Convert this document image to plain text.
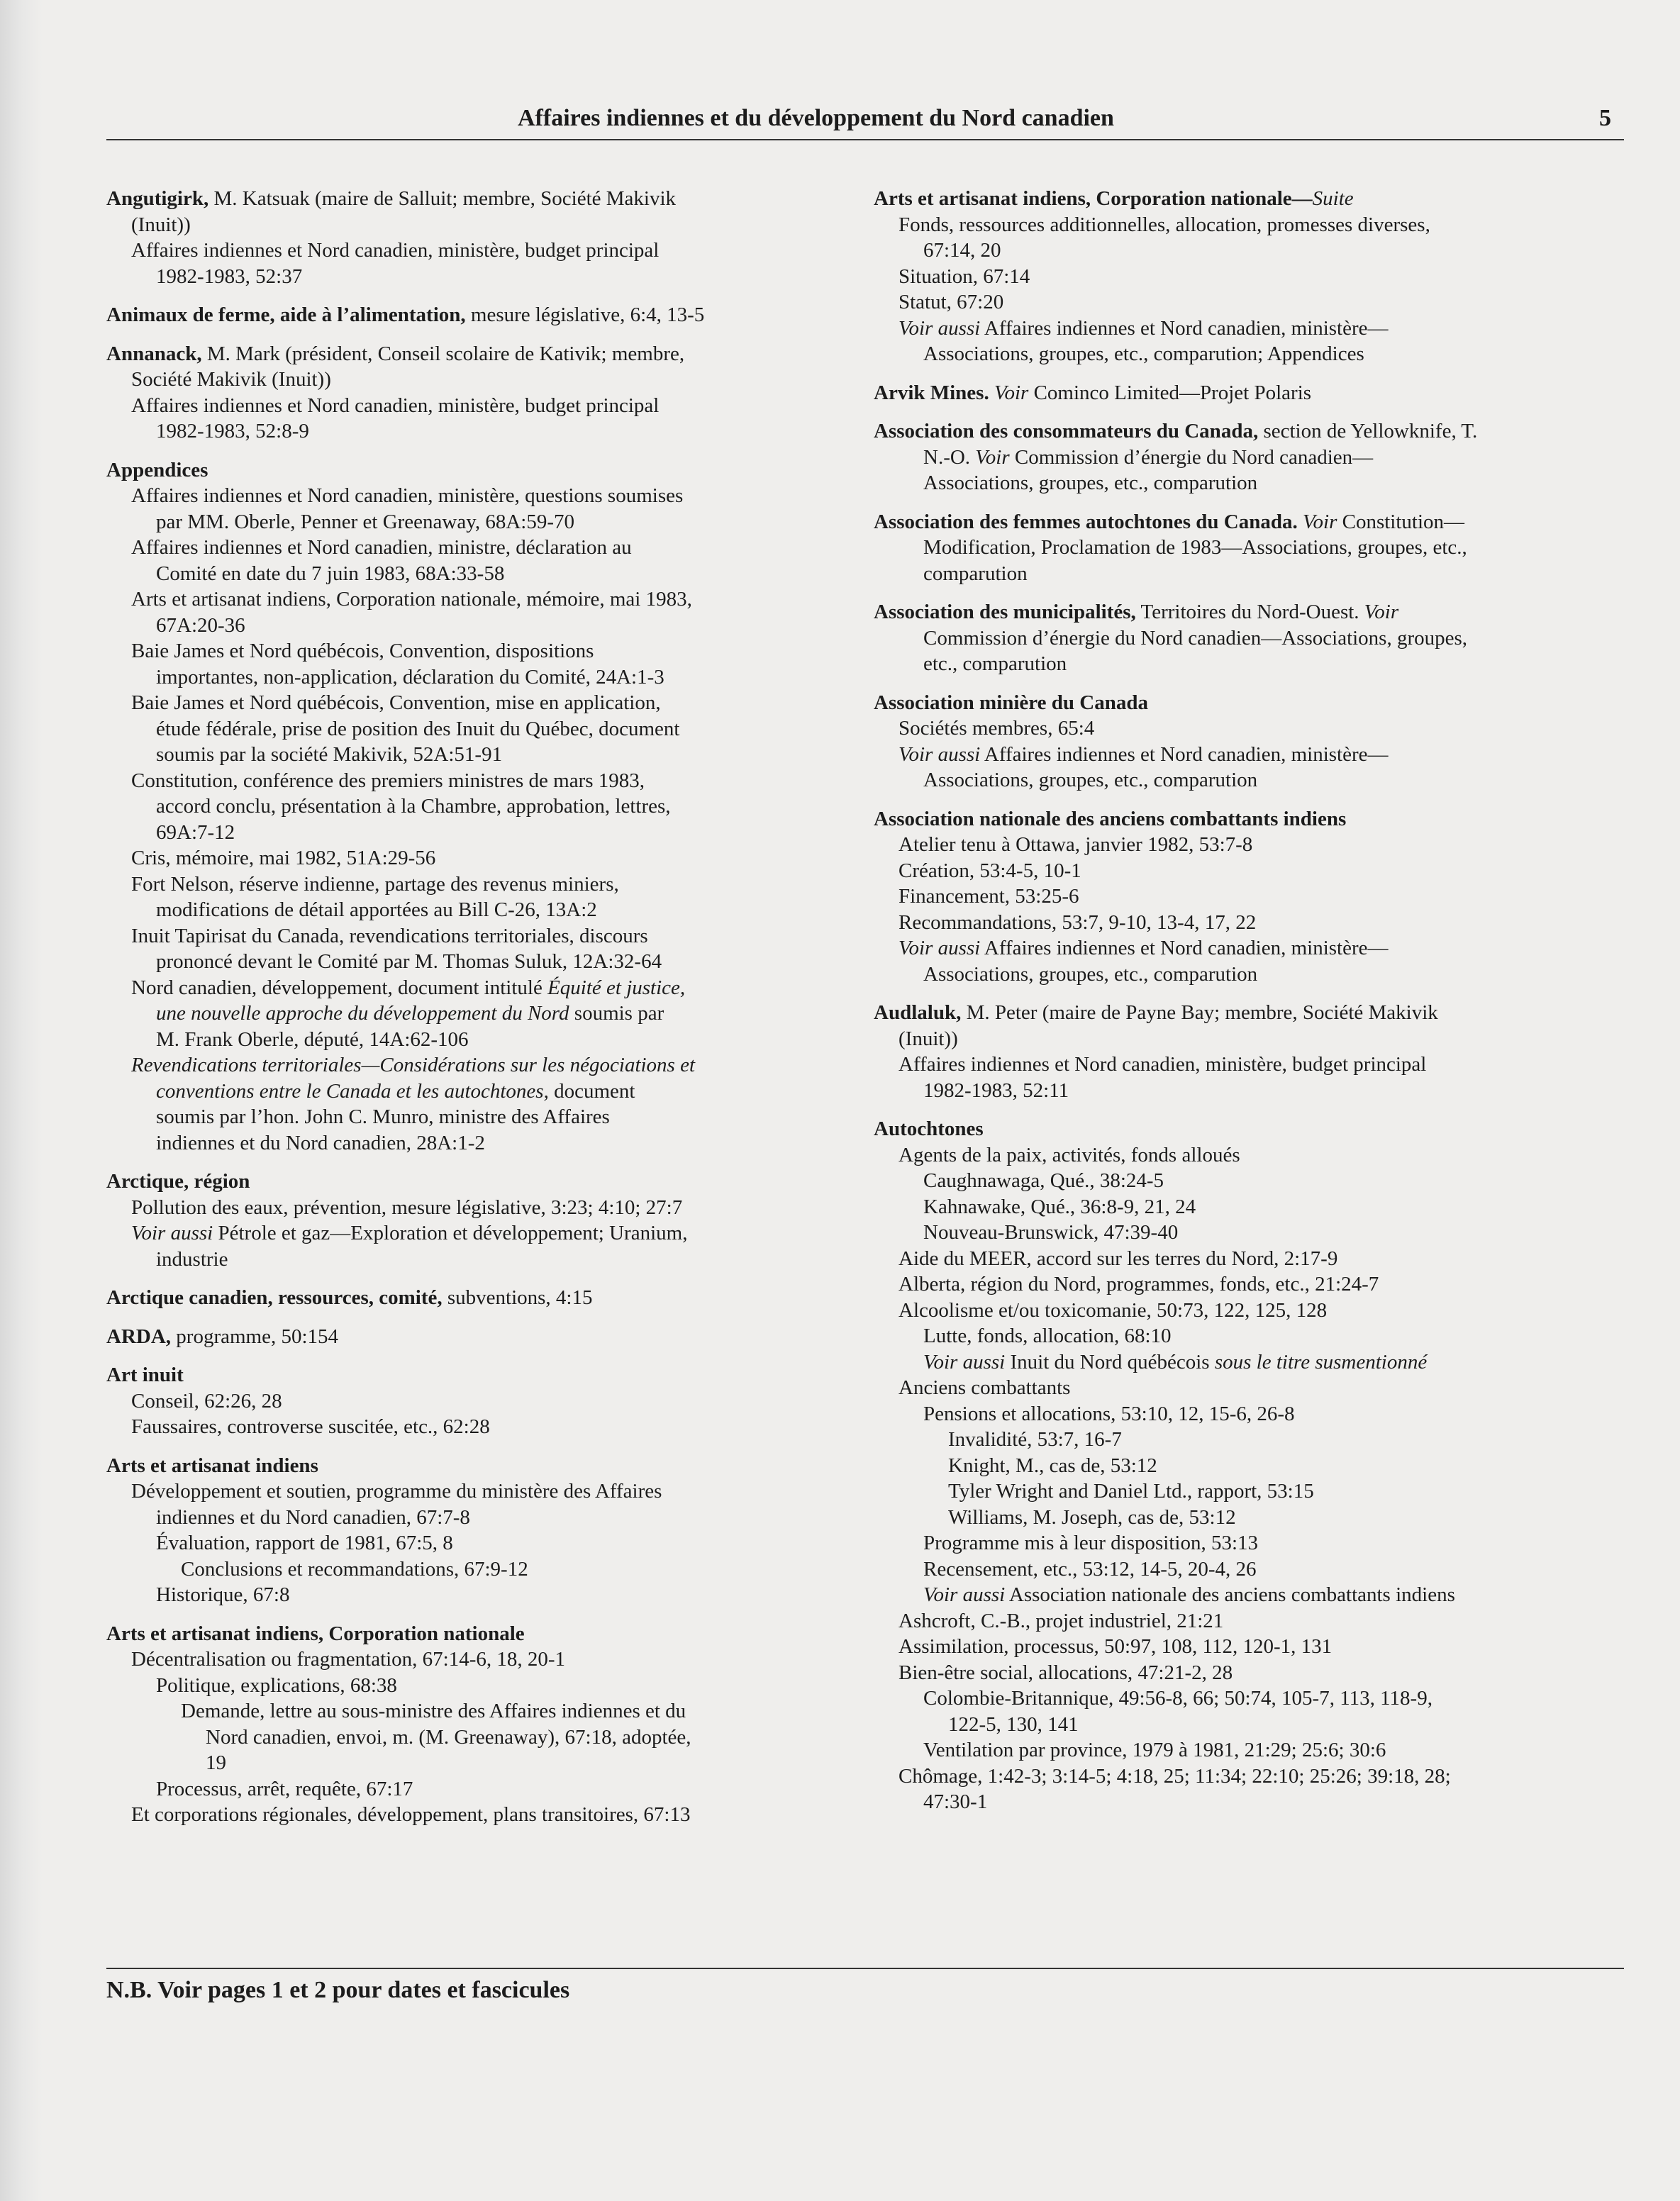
Affaires indiennes et du développement du Nord canadien	5
Angutigirk, M. Katsuak (maire de Salluit; membre, Société Makivik
(Inuit))
Affaires indiennes et Nord canadien, ministère, budget principal
1982-1983, 52:37
Animaux de ferme, aide à l’alimentation, mesure législative, 6:4, 13-5
Annanack, M. Mark (président, Conseil scolaire de Kativik; membre,
Société Makivik (Inuit))
Affaires indiennes et Nord canadien, ministère, budget principal
1982-1983, 52:8-9
Appendices
Affaires indiennes et Nord canadien, ministère, questions soumises
par MM. Oberle, Penner et Greenaway, 68A:59-70
Affaires indiennes et Nord canadien, ministre, déclaration au
Comité en date du 7 juin 1983, 68A:33-58
Arts et artisanat indiens, Corporation nationale, mémoire, mai 1983,
67A:20-36
Baie James et Nord québécois, Convention, dispositions
importantes, non-application, déclaration du Comité, 24A:1-3
Baie James et Nord québécois, Convention, mise en application,
étude fédérale, prise de position des Inuit du Québec, document
soumis par la société Makivik, 52A:51-91
Constitution, conférence des premiers ministres de mars 1983,
accord conclu, présentation à la Chambre, approbation, lettres,
69A:7-12
Cris, mémoire, mai 1982, 51A:29-56
Fort Nelson, réserve indienne, partage des revenus miniers,
modifications de détail apportées au Bill C-26, 13A:2
Inuit Tapirisat du Canada, revendications territoriales, discours
prononcé devant le Comité par M. Thomas Suluk, 12A:32-64
Nord canadien, développement, document intitulé Équité et justice,
une nouvelle approche du développement du Nord soumis par
M. Frank Oberle, député, 14A:62-106
Revendications territoriales—Considérations sur les négociations et
conventions entre le Canada et les autochtones, document
soumis par l’hon. John C. Munro, ministre des Affaires
indiennes et du Nord canadien, 28A:1-2
Arctique, région
Pollution des eaux, prévention, mesure législative, 3:23; 4:10; 27:7
Voir aussi Pétrole et gaz—Exploration et développement; Uranium,
industrie
Arctique canadien, ressources, comité, subventions, 4:15
ARDA, programme, 50:154
Art inuit
Conseil, 62:26, 28
Faussaires, controverse suscitée, etc., 62:28
Arts et artisanat indiens
Développement et soutien, programme du ministère des Affaires
indiennes et du Nord canadien, 67:7-8
Évaluation, rapport de 1981, 67:5, 8
Conclusions et recommandations, 67:9-12
Historique, 67:8
Arts et artisanat indiens, Corporation nationale
Décentralisation ou fragmentation, 67:14-6, 18, 20-1
Politique, explications, 68:38
Demande, lettre au sous-ministre des Affaires indiennes et du
Nord canadien, envoi, m. (M. Greenaway), 67:18, adoptée,
19
Processus, arrêt, requête, 67:17
Et corporations régionales, développement, plans transitoires, 67:13
Arts et artisanat indiens, Corporation nationale—Suite
Fonds, ressources additionnelles, allocation, promesses diverses,
67:14, 20
Situation, 67:14
Statut, 67:20
Voir aussi Affaires indiennes et Nord canadien, ministère—
Associations, groupes, etc., comparution; Appendices
Arvik Mines. Voir Cominco Limited—Projet Polaris
Association des consommateurs du Canada, section de Yellowknife, T.
N.-O. Voir Commission d’énergie du Nord canadien—
Associations, groupes, etc., comparution
Association des femmes autochtones du Canada. Voir Constitution—
Modification, Proclamation de 1983—Associations, groupes, etc.,
comparution
Association des municipalités, Territoires du Nord-Ouest. Voir
Commission d’énergie du Nord canadien—Associations, groupes,
etc., comparution
Association minière du Canada
Sociétés membres, 65:4
Voir aussi Affaires indiennes et Nord canadien, ministère—
Associations, groupes, etc., comparution
Association nationale des anciens combattants indiens
Atelier tenu à Ottawa, janvier 1982, 53:7-8
Création, 53:4-5, 10-1
Financement, 53:25-6
Recommandations, 53:7, 9-10, 13-4, 17, 22
Voir aussi Affaires indiennes et Nord canadien, ministère—
Associations, groupes, etc., comparution
Audlaluk, M. Peter (maire de Payne Bay; membre, Société Makivik
(Inuit))
Affaires indiennes et Nord canadien, ministère, budget principal
1982-1983, 52:11
Autochtones
Agents de la paix, activités, fonds alloués
Caughnawaga, Qué., 38:24-5
Kahnawake, Qué., 36:8-9, 21, 24
Nouveau-Brunswick, 47:39-40
Aide du MEER, accord sur les terres du Nord, 2:17-9
Alberta, région du Nord, programmes, fonds, etc., 21:24-7
Alcoolisme et/ou toxicomanie, 50:73, 122, 125, 128
Lutte, fonds, allocation, 68:10
Voir aussi Inuit du Nord québécois sous le titre susmentionné
Anciens combattants
Pensions et allocations, 53:10, 12, 15-6, 26-8
Invalidité, 53:7, 16-7
Knight, M., cas de, 53:12
Tyler Wright and Daniel Ltd., rapport, 53:15
Williams, M. Joseph, cas de, 53:12
Programme mis à leur disposition, 53:13
Recensement, etc., 53:12, 14-5, 20-4, 26
Voir aussi Association nationale des anciens combattants indiens
Ashcroft, C.-B., projet industriel, 21:21
Assimilation, processus, 50:97, 108, 112, 120-1, 131
Bien-être social, allocations, 47:21-2, 28
Colombie-Britannique, 49:56-8, 66; 50:74, 105-7, 113, 118-9,
122-5, 130, 141
Ventilation par province, 1979 à 1981, 21:29; 25:6; 30:6
Chômage, 1:42-3; 3:14-5; 4:18, 25; 11:34; 22:10; 25:26; 39:18, 28;
47:30-1
N.B. Voir pages 1 et 2 pour dates et fascicules
